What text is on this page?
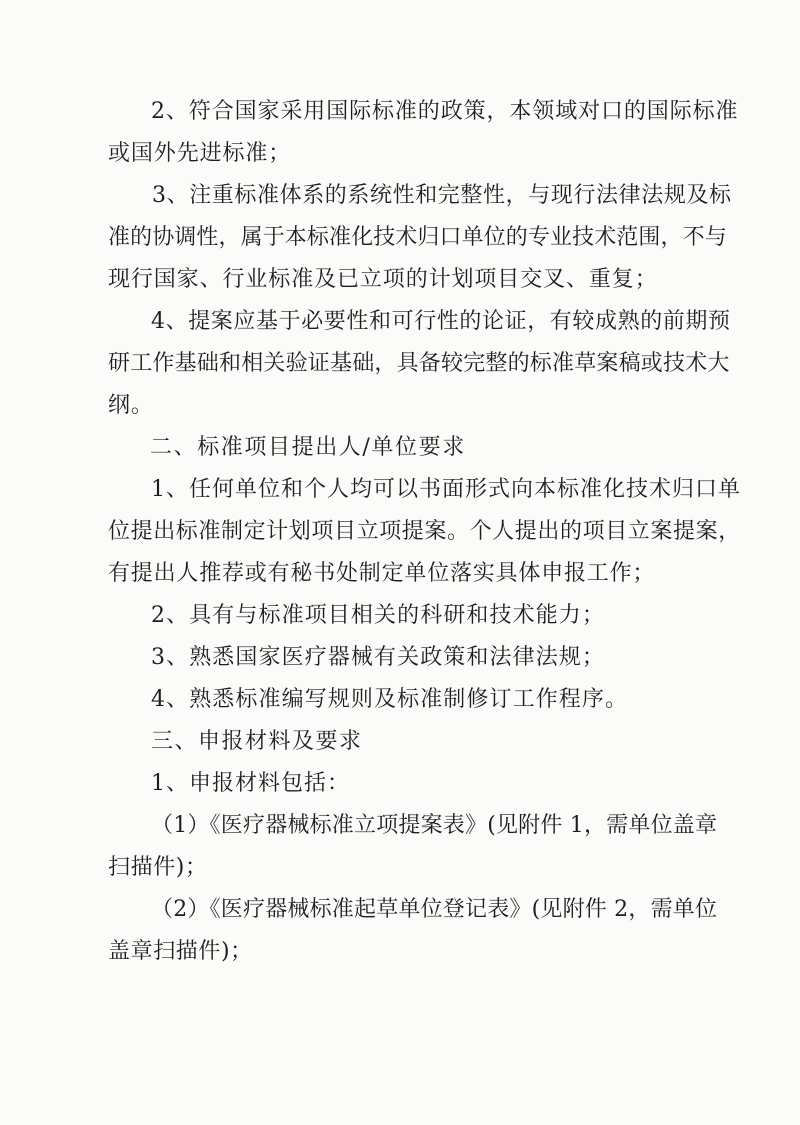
2、符合国家采用国际标准的政策，本领域对口的国际标准

或国外先进标准；

3、注重标准体系的系统性和完整性，与现行法律法规及标

准的协调性，属于本标准化技术归口单位的专业技术范围，不与

现行国家、行业标准及已立项的计划项目交叉、重复；

4、提案应基于必要性和可行性的论证，有较成熟的前期预

研工作基础和相关验证基础，具备较完整的标准草案稿或技术大

纲。

二、标准项目提出人/单位要求

1、任何单位和个人均可以书面形式向本标准化技术归口单

位提出标准制定计划项目立项提案。个人提出的项目立案提案，

有提出人推荐或有秘书处制定单位落实具体申报工作；

2、具有与标准项目相关的科研和技术能力；

3、熟悉国家医疗器械有关政策和法律法规；

4、熟悉标准编写规则及标准制修订工作程序。

三、申报材料及要求

1、申报材料包括：

（1）《医疗器械标准立项提案表》(见附件 1，需单位盖章

扫描件)；

（2）《医疗器械标准起草单位登记表》(见附件 2，需单位

盖章扫描件)；
